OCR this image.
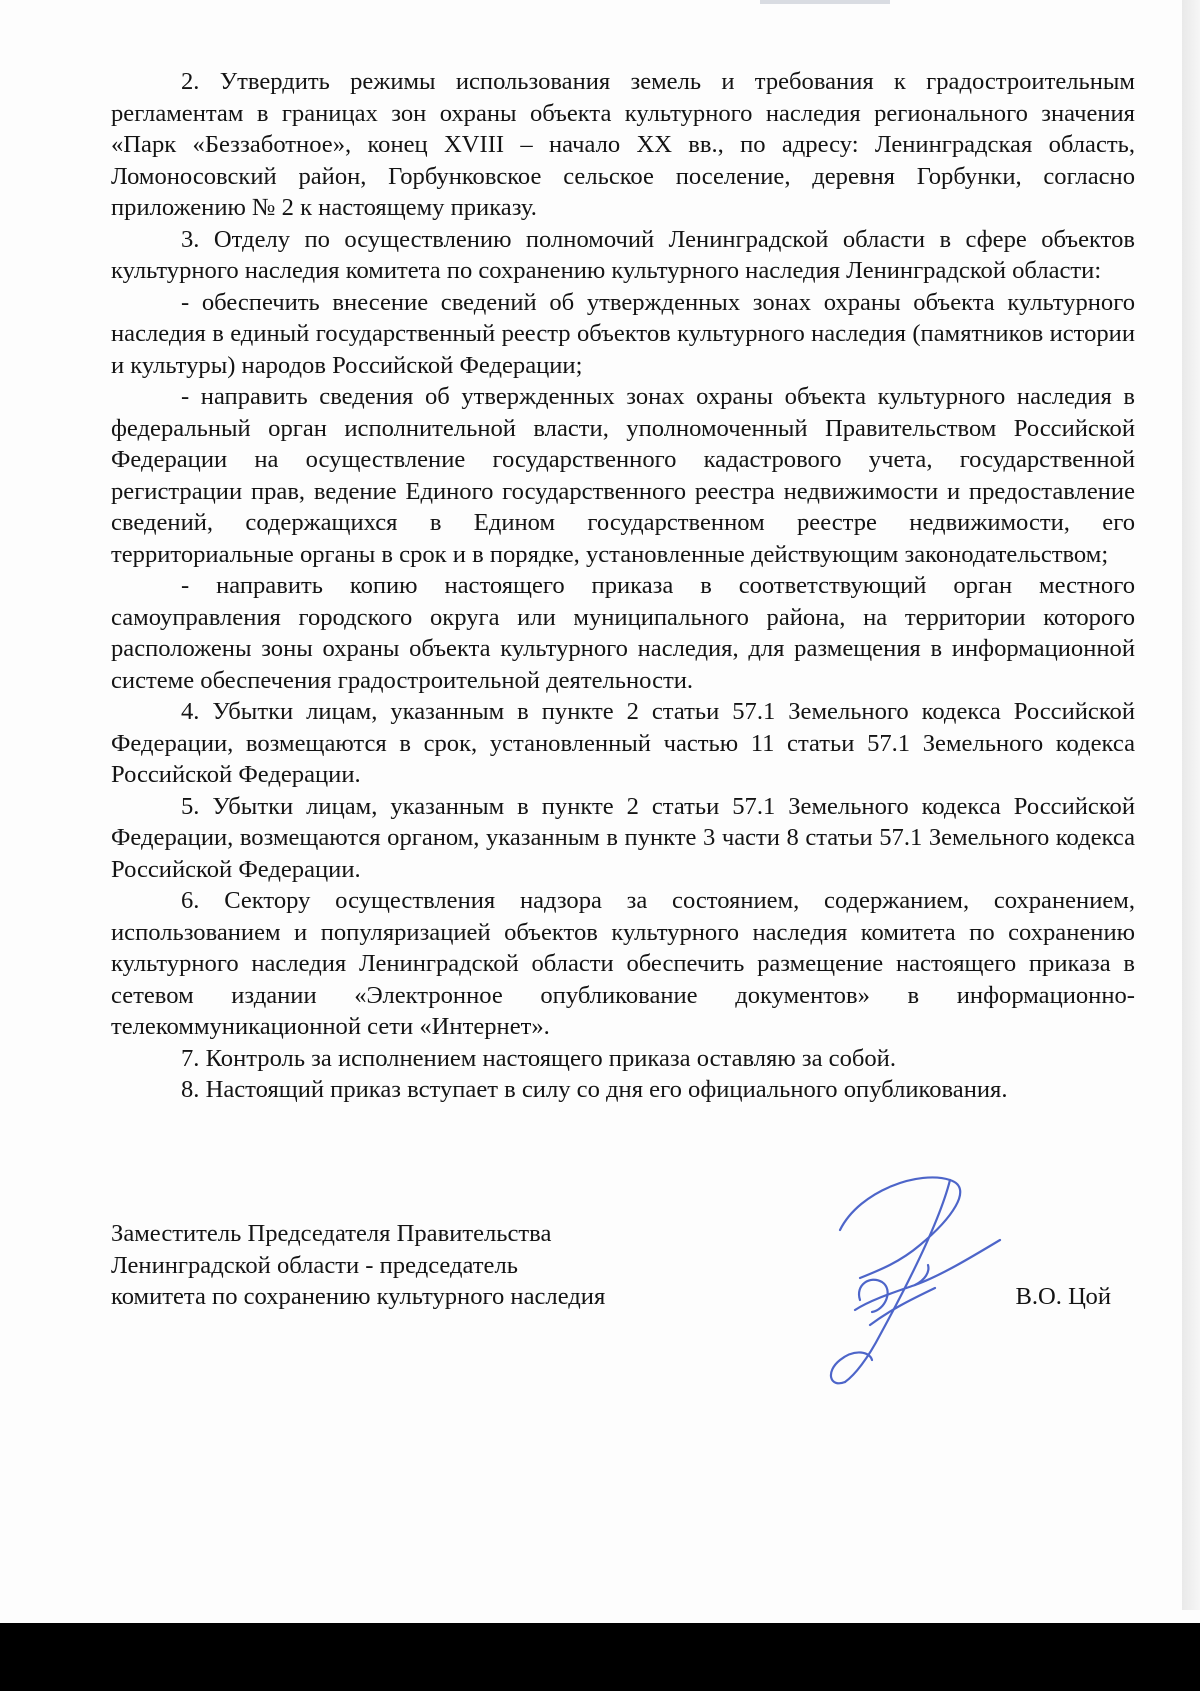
2. Утвердить режимы использования земель и требования к градостроительным регламентам в границах зон охраны объекта культурного наследия регионального значения «Парк «Беззаботное», конец XVIII – начало XX вв., по адресу: Ленинградская область, Ломоносовский район, Горбунковское сельское поселение, деревня Горбунки, согласно приложению № 2 к настоящему приказу.

3. Отделу по осуществлению полномочий Ленинградской области в сфере объектов культурного наследия комитета по сохранению культурного наследия Ленинградской области:

- обеспечить внесение сведений об утвержденных зонах охраны объекта культурного наследия в единый государственный реестр объектов культурного наследия (памятников истории и культуры) народов Российской Федерации;

- направить сведения об утвержденных зонах охраны объекта культурного наследия в федеральный орган исполнительной власти, уполномоченный Правительством Российской Федерации на осуществление государственного кадастрового учета, государственной регистрации прав, ведение Единого государственного реестра недвижимости и предоставление сведений, содержащихся в Едином государственном реестре недвижимости, его территориальные органы в срок и в порядке, установленные действующим законодательством;

- направить копию настоящего приказа в соответствующий орган местного самоуправления городского округа или муниципального района, на территории которого расположены зоны охраны объекта культурного наследия, для размещения в информационной системе обеспечения градостроительной деятельности.

4. Убытки лицам, указанным в пункте 2 статьи 57.1 Земельного кодекса Российской Федерации, возмещаются в срок, установленный частью 11 статьи 57.1 Земельного кодекса Российской Федерации.

5. Убытки лицам, указанным в пункте 2 статьи 57.1 Земельного кодекса Российской Федерации, возмещаются органом, указанным в пункте 3 части 8 статьи 57.1 Земельного кодекса Российской Федерации.

6. Сектору осуществления надзора за состоянием, содержанием, сохранением, использованием и популяризацией объектов культурного наследия комитета по сохранению культурного наследия Ленинградской области обеспечить размещение настоящего приказа в сетевом издании «Электронное опубликование документов» в информационно-телекоммуникационной сети «Интернет».

7. Контроль за исполнением настоящего приказа оставляю за собой.

8. Настоящий приказ вступает в силу со дня его официального опубликования.

Заместитель Председателя Правительства
Ленинградской области - председатель
комитета по сохранению культурного наследия	В.О. Цой
